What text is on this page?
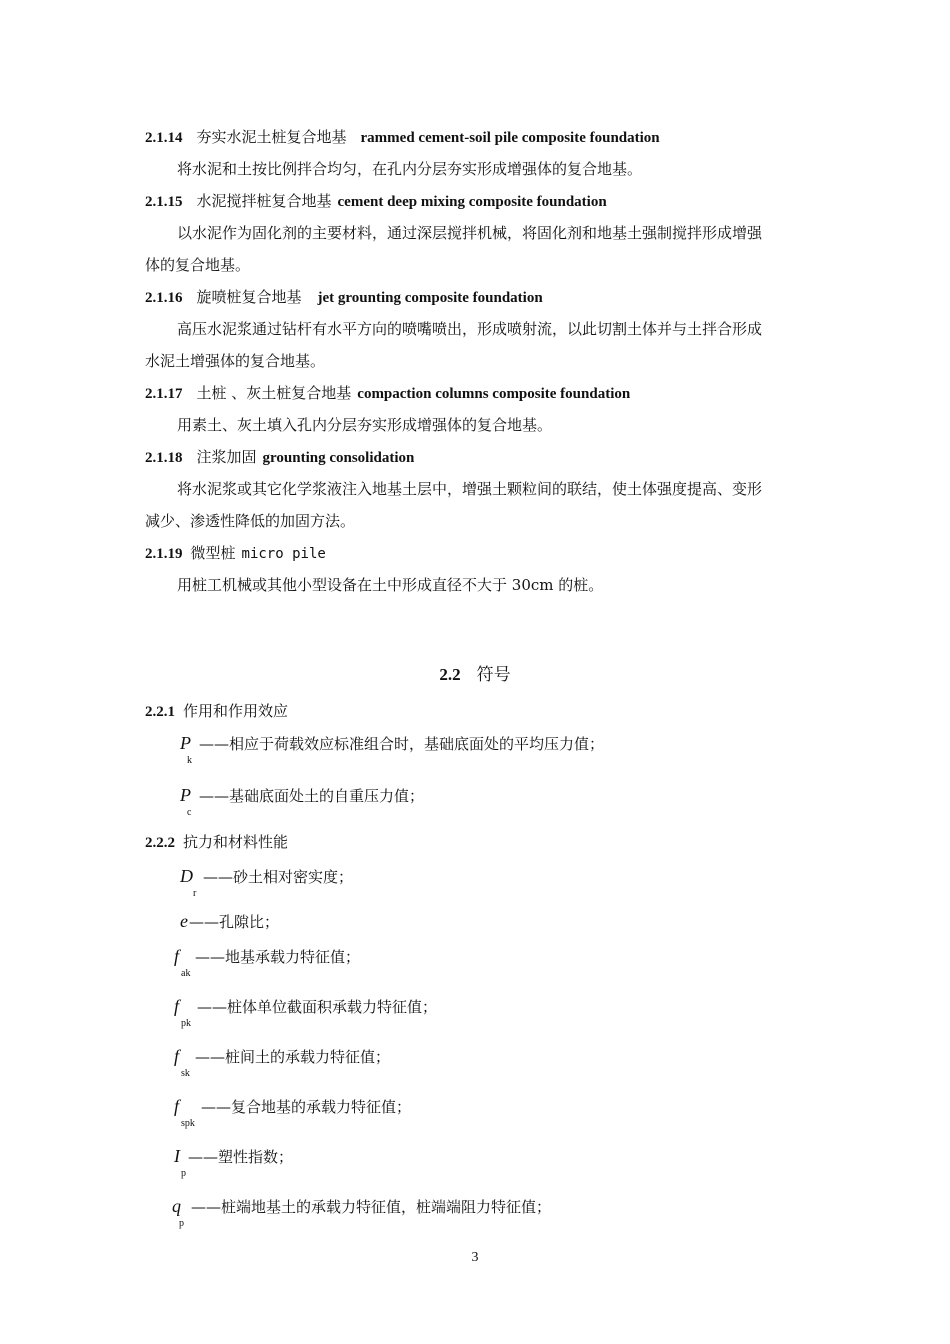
2.1.14 夯实水泥土桩复合地基 rammed cement-soil pile composite foundation
将水泥和土按比例拌合均匀，在孔内分层夯实形成增强体的复合地基。
2.1.15 水泥搅拌桩复合地基 cement deep mixing composite foundation
以水泥作为固化剂的主要材料，通过深层搅拌机械，将固化剂和地基土强制搅拌形成增强
体的复合地基。
2.1.16 旋喷桩复合地基 jet grounting composite foundation
高压水泥浆通过钻杆有水平方向的喷嘴喷出，形成喷射流，以此切割土体并与土拌合形成
水泥土增强体的复合地基。
2.1.17 土桩 、灰土桩复合地基 compaction columns composite foundation
用素土、灰土填入孔内分层夯实形成增强体的复合地基。
2.1.18 注浆加固 grounting consolidation
将水泥浆或其它化学浆液注入地基土层中，增强土颗粒间的联结，使土体强度提高、变形
减少、渗透性降低的加固方法。
2.1.19 微型桩 micro pile
用桩工机械或其他小型设备在土中形成直径不大于 30cm 的桩。
2.2 符号
2.2.1 作用和作用效应
P
k
——相应于荷载效应标准组合时，基础底面处的平均压力值；
P
c
——基础底面处土的自重压力值；
2.2.2 抗力和材料性能
D
r
——砂土相对密实度；
e——孔隙比；
f
ak
——地基承载力特征值；
f
pk
——桩体单位截面积承载力特征值；
f
sk
——桩间土的承载力特征值；
f
spk
——复合地基的承载力特征值；
I
p
——塑性指数；
q
p
——桩端地基土的承载力特征值，桩端端阻力特征值；
3
